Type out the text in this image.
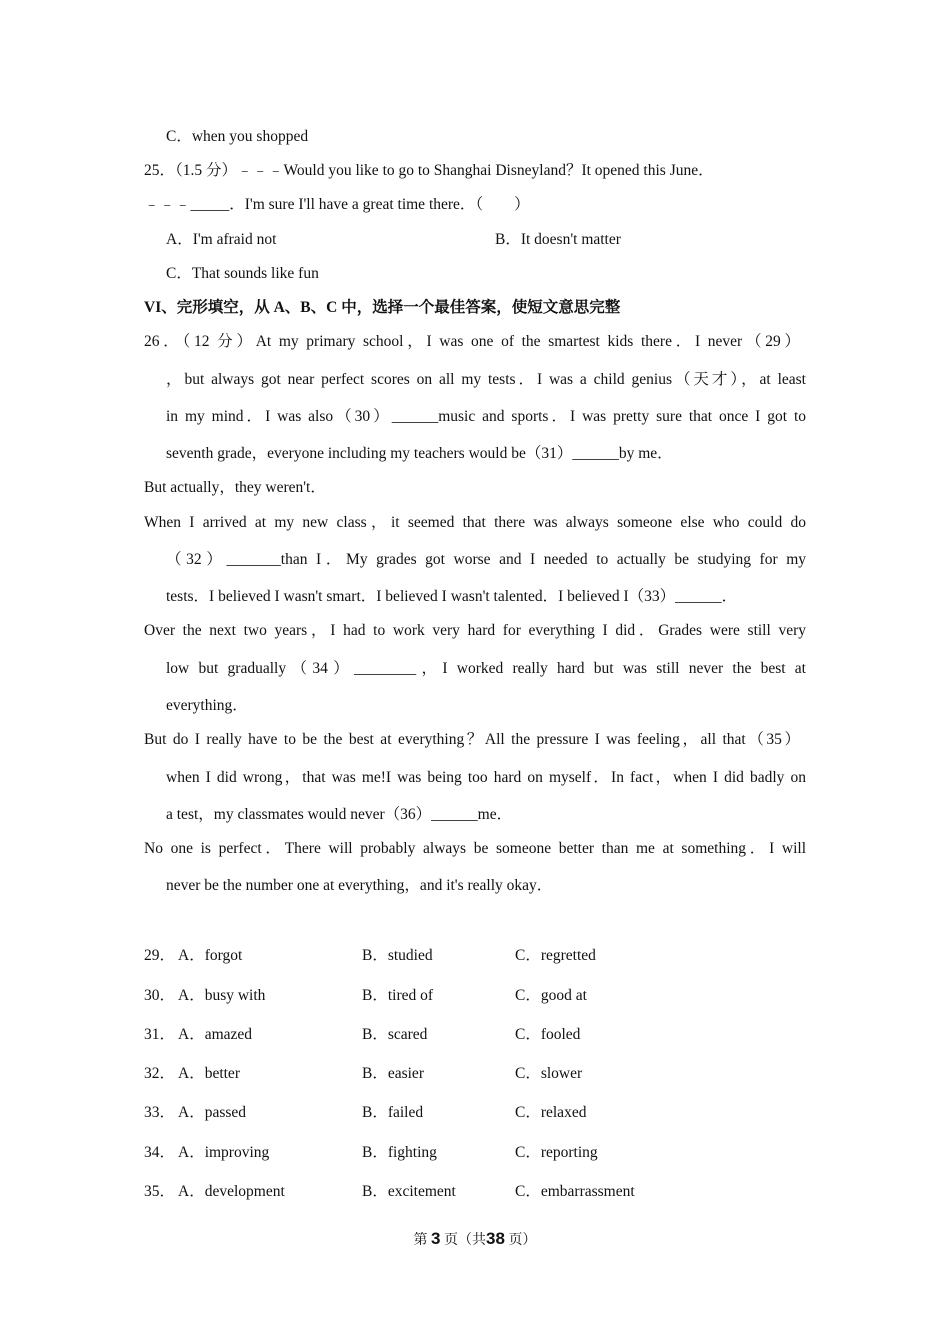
C．when you shopped
25．（1.5 分）﹣﹣﹣Would you like to go to Shanghai Disneyland？It opened this June．
﹣﹣﹣_____．I'm sure I'll have a great time there．（　　）
A．I'm afraid not	B．It doesn't matter
C．That sounds like fun
VI、完形填空，从 A、B、C 中，选择一个最佳答案，使短文意思完整
26．（12 分）At my primary school，I was one of the smartest kids there．I never（29）
，but always got near perfect scores on all my tests．I was a child genius（天才），at least
in my mind．I was also（30）______music and sports．I was pretty sure that once I got to
seventh grade，everyone including my teachers would be（31）______by me．
But actually，they weren't．
When I arrived at my new class，it seemed that there was always someone else who could do
（32）_______than I．My grades got worse and I needed to actually be studying for my
tests．I believed I wasn't smart．I believed I wasn't talented．I believed I（33）______．
Over the next two years，I had to work very hard for everything I did．Grades were still very
low but gradually（34）________，I worked really hard but was still never the best at
everything．
But do I really have to be the best at everything？All the pressure I was feeling，all that（35）
when I did wrong，that was me!I was being too hard on myself．In fact，when I did badly on
a test，my classmates would never（36）______me．
No one is perfect．There will probably always be someone better than me at something．I will
never be the number one at everything，and it's really okay．
29． A．forgot	B．studied	C．regretted
30． A．busy with	B．tired of	C．good at
31． A．amazed	B．scared	C．fooled
32． A．better	B．easier	C．slower
33． A．passed	B．failed	C．relaxed
34． A．improving	B．fighting	C．reporting
35． A．development	B．excitement	C．embarrassment
第 3 页（共38 页）
